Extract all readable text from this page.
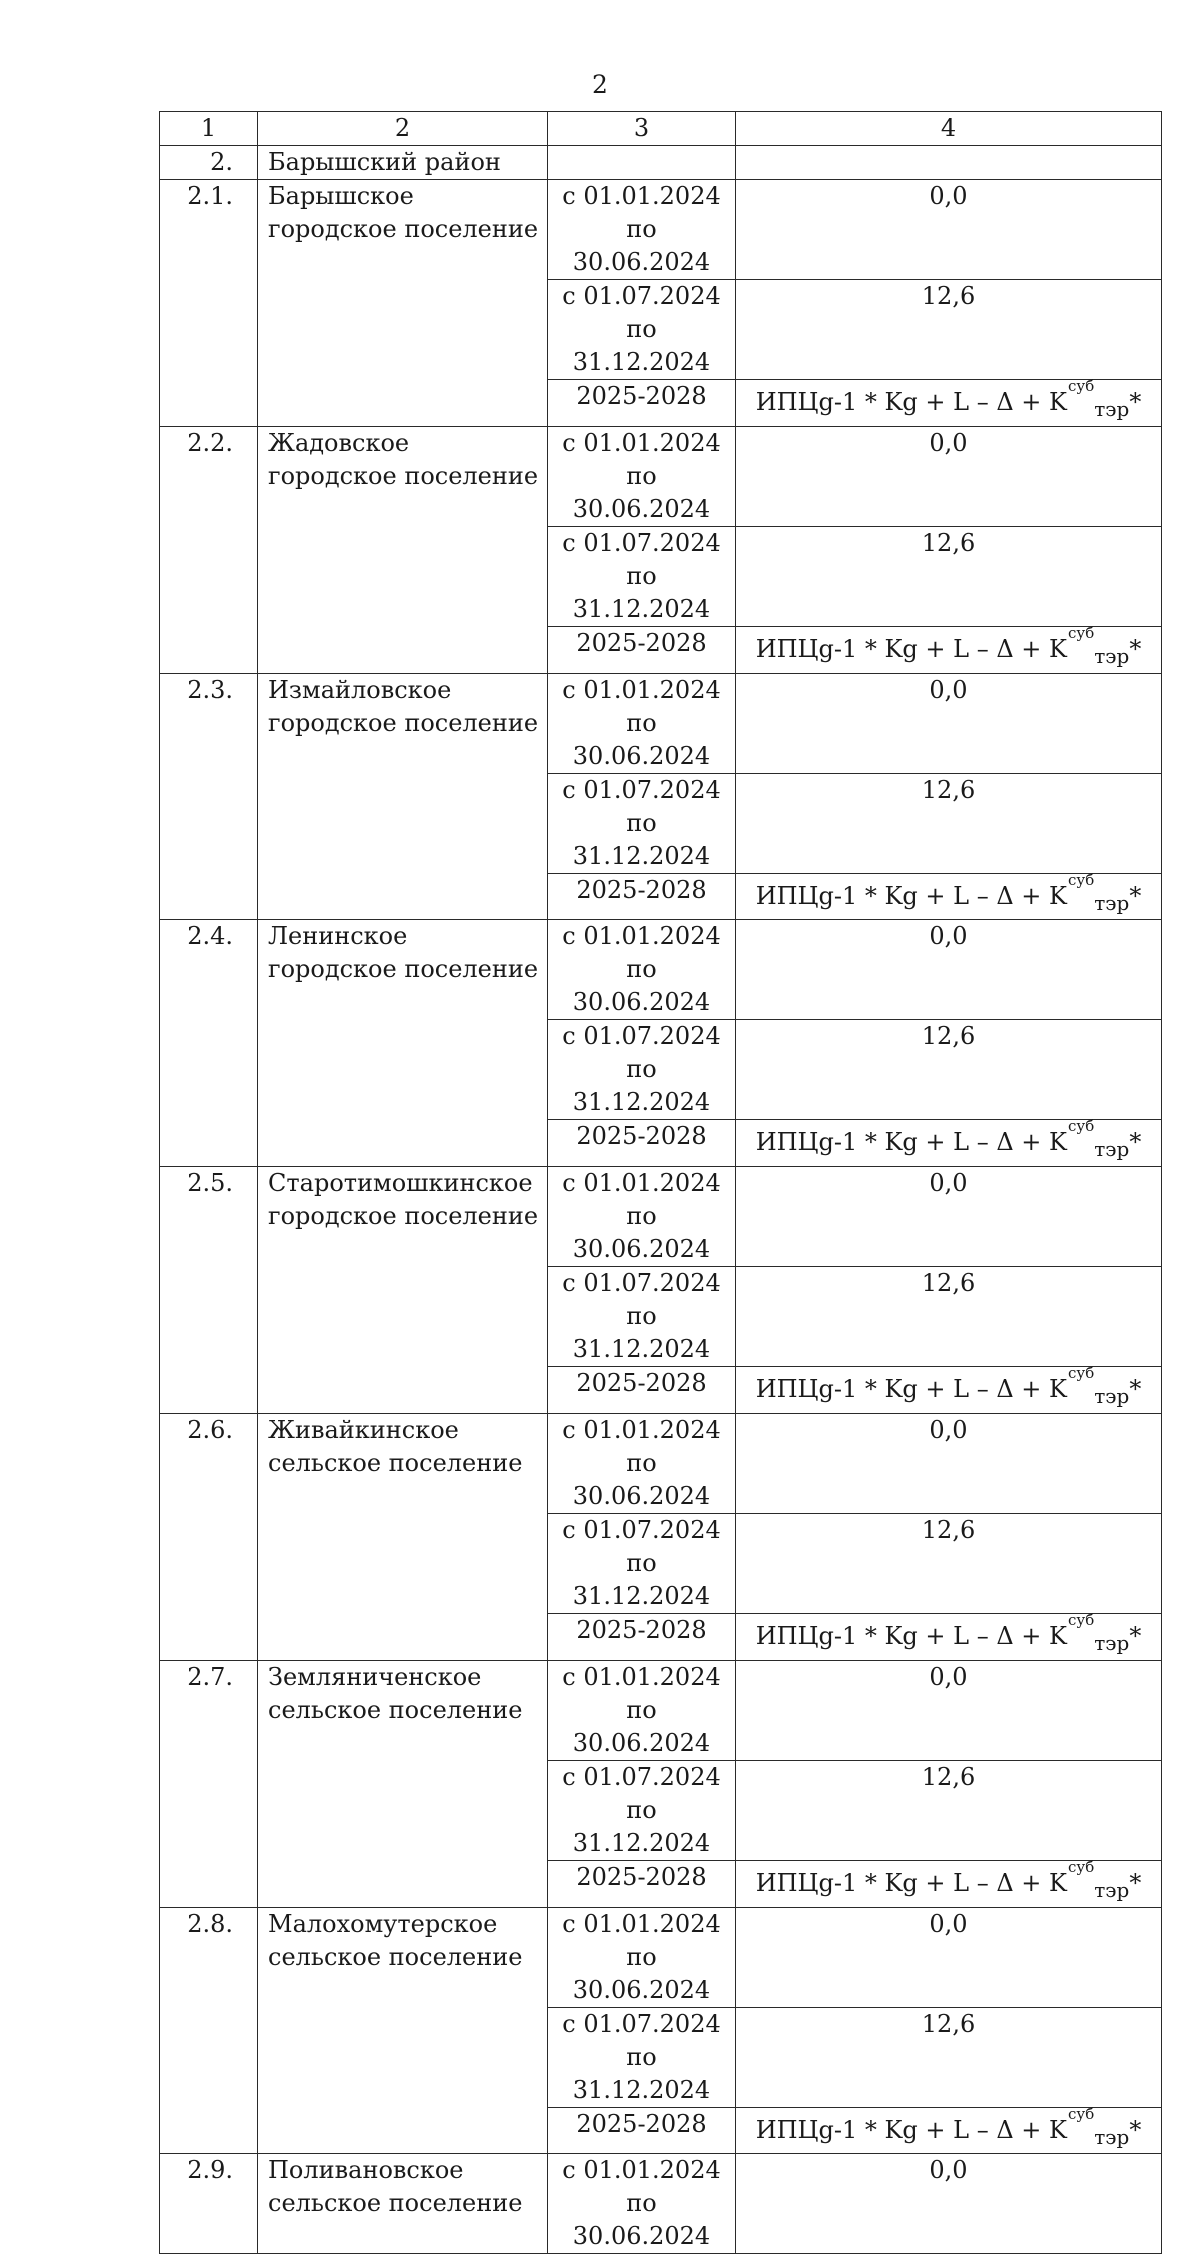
2
1	2	3	4
2.	Барышский район		
2.1.	Барышское городское поселение	с 01.01.2024 по 30.06.2024	0,0
		с 01.07.2024 по 31.12.2024	12,6
		2025-2028	ИПЦg-1 * $Kg + L - \Delta + K^{суб}_{тэр}*$
2.2.	Жадовское городское поселение	с 01.01.2024 по 30.06.2024	0,0
		с 01.07.2024 по 31.12.2024	12,6
		2025-2028	ИПЦg-1 * $Kg + L - \Delta + K^{суб}_{тэр}*$
2.3.	Измайловское городское поселение	с 01.01.2024 по 30.06.2024	0,0
		с 01.07.2024 по 31.12.2024	12,6
		2025-2028	ИПЦg-1 * $Kg + L - \Delta + K^{суб}_{тэр}*$
2.4.	Ленинское городское поселение	с 01.01.2024 по 30.06.2024	0,0
		с 01.07.2024 по 31.12.2024	12,6
		2025-2028	ИПЦg-1 * $Kg + L - \Delta + K^{суб}_{тэр}*$
2.5.	Старотимошкинское городское поселение	с 01.01.2024 по 30.06.2024	0,0
		с 01.07.2024 по 31.12.2024	12,6
		2025-2028	ИПЦg-1 * $Kg + L - \Delta + K^{суб}_{тэр}*$
2.6.	Живайкинское сельское поселение	с 01.01.2024 по 30.06.2024	0,0
		с 01.07.2024 по 31.12.2024	12,6
		2025-2028	ИПЦg-1 * $Kg + L - \Delta + K^{суб}_{тэр}*$
2.7.	Земляниченское сельское поселение	с 01.01.2024 по 30.06.2024	0,0
		с 01.07.2024 по 31.12.2024	12,6
		2025-2028	ИПЦg-1 * $Kg + L - \Delta + K^{суб}_{тэр}*$
2.8.	Малохомутерское сельское поселение	с 01.01.2024 по 30.06.2024	0,0
		с 01.07.2024 по 31.12.2024	12,6
		2025-2028	ИПЦg-1 * $Kg + L - \Delta + K^{суб}_{тэр}*$
2.9.	Поливановское сельское поселение	с 01.01.2024 по 30.06.2024	0,0
